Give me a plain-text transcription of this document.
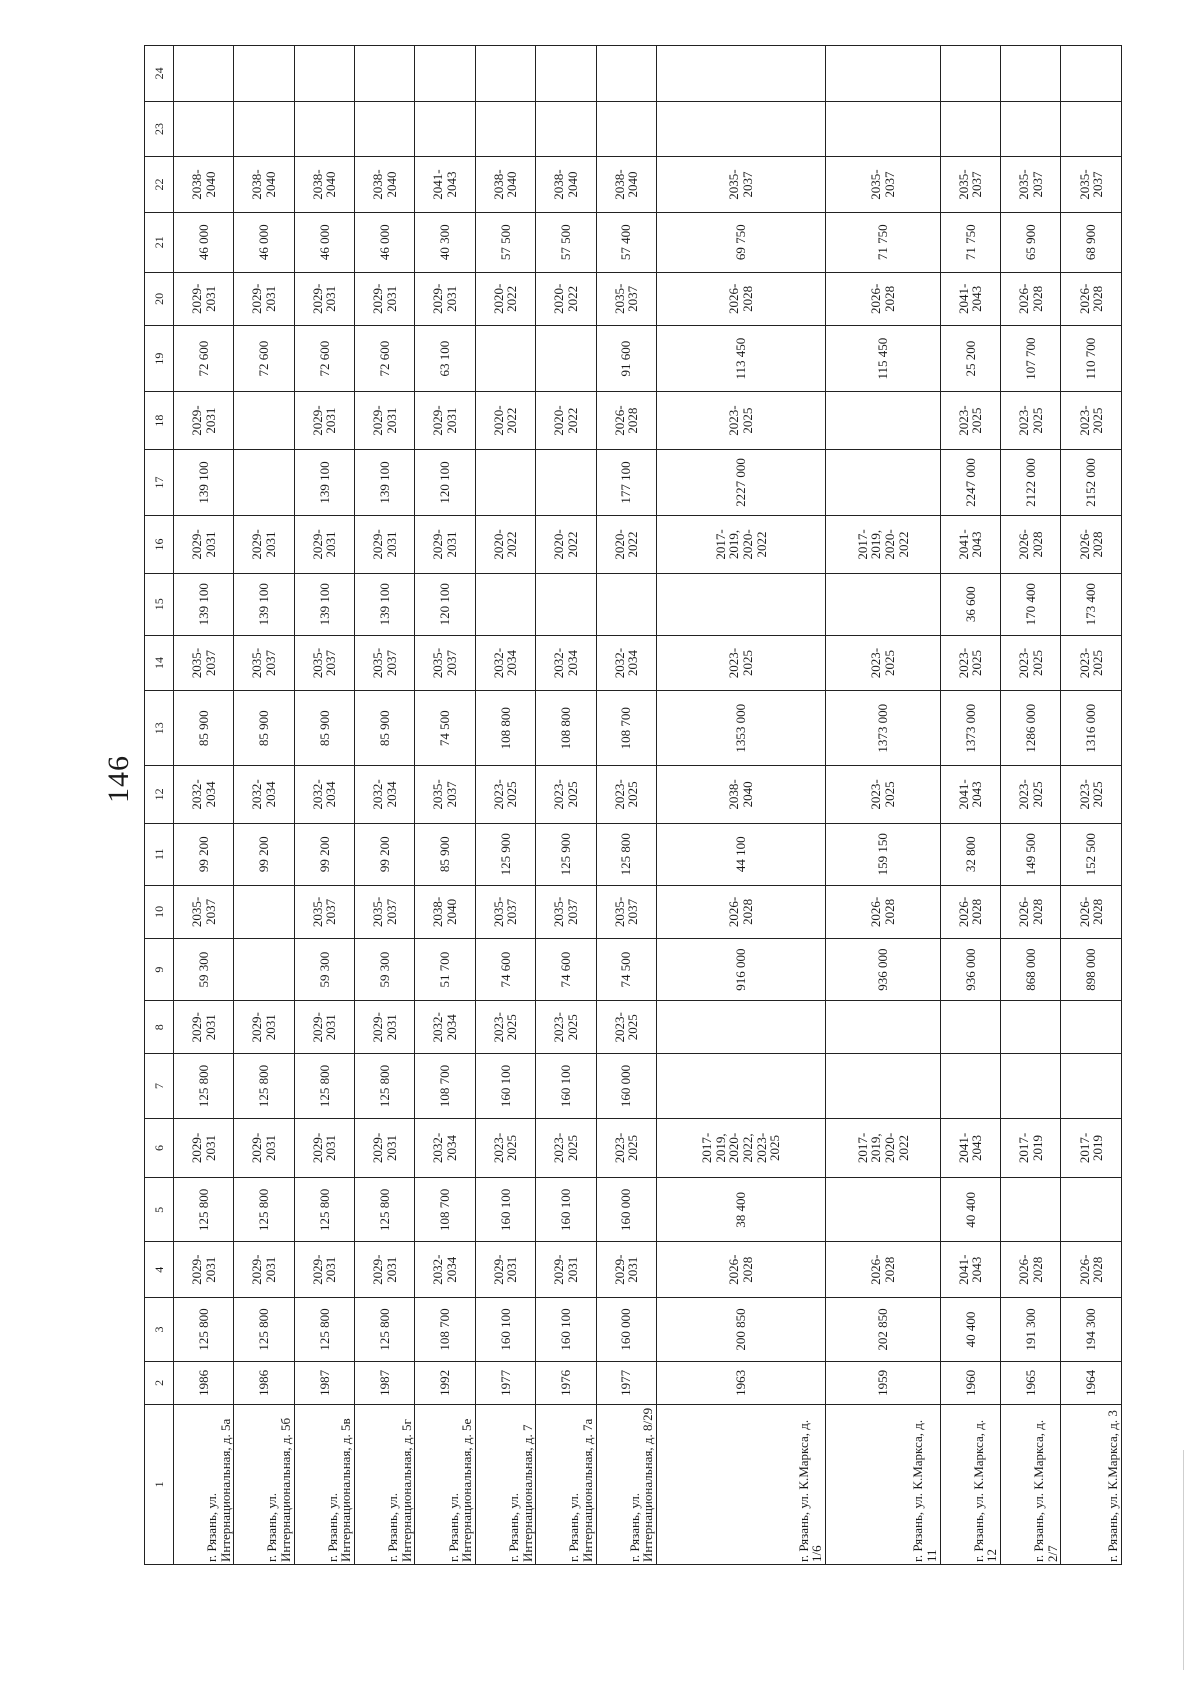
146
1	2	3	4	5	6	7	8	9	10	11	12	13	14	15	16	17	18	19	20	21	22	23	24
г. Рязань, ул. Интернациональная, д. 5а	1986	125 800	2029-2031	125 800	2029-2031	125 800	2029-2031	59 300	2035-2037	99 200	2032-2034	85 900	2035-2037	139 100	2029-2031	139 100	2029-2031	72 600	2029-2031	46 000	2038-2040		
г. Рязань, ул. Интернациональная, д. 5б	1986	125 800	2029-2031	125 800	2029-2031	125 800	2029-2031			99 200	2032-2034	85 900	2035-2037	139 100	2029-2031			72 600	2029-2031	46 000	2038-2040		
г. Рязань, ул. Интернациональная, д. 5в	1987	125 800	2029-2031	125 800	2029-2031	125 800	2029-2031	59 300	2035-2037	99 200	2032-2034	85 900	2035-2037	139 100	2029-2031	139 100	2029-2031	72 600	2029-2031	46 000	2038-2040		
г. Рязань, ул. Интернациональная, д. 5г	1987	125 800	2029-2031	125 800	2029-2031	125 800	2029-2031	59 300	2035-2037	99 200	2032-2034	85 900	2035-2037	139 100	2029-2031	139 100	2029-2031	72 600	2029-2031	46 000	2038-2040		
г. Рязань, ул. Интернациональная, д. 5е	1992	108 700	2032-2034	108 700	2032-2034	108 700	2032-2034	51 700	2038-2040	85 900	2035-2037	74 500	2035-2037	120 100	2029-2031	120 100	2029-2031	63 100	2029-2031	40 300	2041-2043		
г. Рязань, ул. Интернациональная, д. 7	1977	160 100	2029-2031	160 100	2023-2025	160 100	2023-2025	74 600	2035-2037	125 900	2023-2025	108 800	2032-2034		2020-2022		2020-2022		2020-2022	57 500	2038-2040		
г. Рязань, ул. Интернациональная, д. 7а	1976	160 100	2029-2031	160 100	2023-2025	160 100	2023-2025	74 600	2035-2037	125 900	2023-2025	108 800	2032-2034		2020-2022		2020-2022		2020-2022	57 500	2038-2040		
г. Рязань, ул. Интернациональная, д. 8/29	1977	160 000	2029-2031	160 000	2023-2025	160 000	2023-2025	74 500	2035-2037	125 800	2023-2025	108 700	2032-2034		2020-2022	177 100	2026-2028	91 600	2035-2037	57 400	2038-2040		
г. Рязань, ул. К.Маркса, д. 1/6	1963	200 850	2026-2028	38 400	2017-2019, 2020-2022, 2023-2025			916 000	2026-2028	44 100	2038-2040	1353 000	2023-2025		2017-2019, 2020-2022	2227 000	2023-2025	113 450	2026-2028	69 750	2035-2037		
г. Рязань, ул. К.Маркса, д. 11	1959	202 850	2026-2028		2017-2019, 2020-2022			936 000	2026-2028	159 150	2023-2025	1373 000	2023-2025		2017-2019, 2020-2022			115 450	2026-2028	71 750	2035-2037		
г. Рязань, ул. К.Маркса, д. 12	1960	40 400	2041-2043	40 400	2041-2043			936 000	2026-2028	32 800	2041-2043	1373 000	2023-2025	36 600	2041-2043	2247 000	2023-2025	25 200	2041-2043	71 750	2035-2037		
г. Рязань, ул. К.Маркса, д. 2/7	1965	191 300	2026-2028		2017-2019			868 000	2026-2028	149 500	2023-2025	1286 000	2023-2025	170 400	2026-2028	2122 000	2023-2025	107 700	2026-2028	65 900	2035-2037		
г. Рязань, ул. К.Маркса, д. 3	1964	194 300	2026-2028		2017-2019			898 000	2026-2028	152 500	2023-2025	1316 000	2023-2025	173 400	2026-2028	2152 000	2023-2025	110 700	2026-2028	68 900	2035-2037		
